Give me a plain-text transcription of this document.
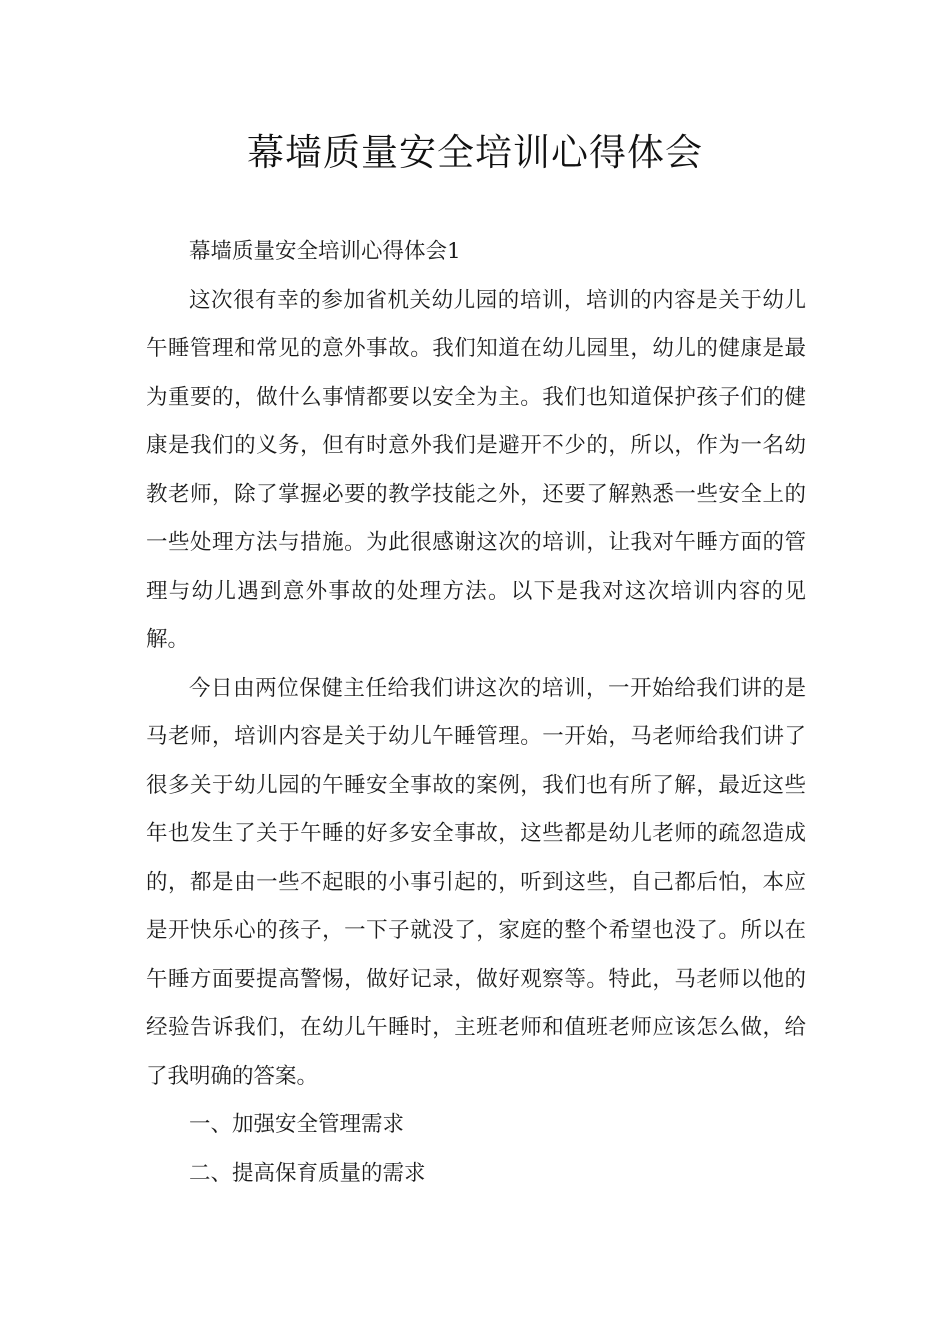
幕墙质量安全培训心得体会

幕墙质量安全培训心得体会1

这次很有幸的参加省机关幼儿园的培训，培训的内容是关于幼儿午睡管理和常见的意外事故。我们知道在幼儿园里，幼儿的健康是最为重要的，做什么事情都要以安全为主。我们也知道保护孩子们的健康是我们的义务，但有时意外我们是避开不少的，所以，作为一名幼教老师，除了掌握必要的教学技能之外，还要了解熟悉一些安全上的一些处理方法与措施。为此很感谢这次的培训，让我对午睡方面的管理与幼儿遇到意外事故的处理方法。以下是我对这次培训内容的见解。

今日由两位保健主任给我们讲这次的培训，一开始给我们讲的是马老师，培训内容是关于幼儿午睡管理。一开始，马老师给我们讲了很多关于幼儿园的午睡安全事故的案例，我们也有所了解，最近这些年也发生了关于午睡的好多安全事故，这些都是幼儿老师的疏忽造成的，都是由一些不起眼的小事引起的，听到这些，自己都后怕，本应是开快乐心的孩子，一下子就没了，家庭的整个希望也没了。所以在午睡方面要提高警惕，做好记录，做好观察等。特此，马老师以他的经验告诉我们，在幼儿午睡时，主班老师和值班老师应该怎么做，给了我明确的答案。

一、加强安全管理需求

二、提高保育质量的需求
